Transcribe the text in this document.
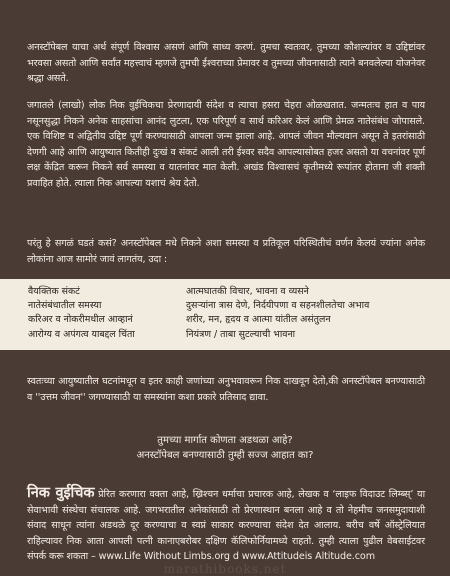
अनस्टॉपेबल याचा अर्थ संपूर्ण विश्वास असणं आणि साध्य करणं. तुमचा स्वतःवर, तुमच्या कौशल्यांवर व उद्दिष्टांवर भरवसा असतो आणि सर्वांत महत्त्वाचं म्हणजे तुमची ईश्वराच्या प्रेमावर व तुमच्या जीवनासाठी त्याने बनवलेल्या योजनेवर श्रद्धा असते.
जगातले (लाखो) लोक निक वुईचिकचा प्रेरणादायी संदेश व त्याचा हसरा चेहरा ओळखतात. जन्मतःच हात व पाय नसूनसुद्धा निकने अनेक साहसांचा आनंद लुटला, एक परिपूर्ण व सार्थ करिअर केलं आणि प्रेमळ नातेसंबंध जोपासले. एक विशिष्ट व अद्वितीय उद्दिष्ट पूर्ण करण्यासाठी आपला जन्म झाला आहे. आपलं जीवन मौल्यवान असून ते इतरांसाठी देणगी आहे आणि आयुष्यात कितीही दुःखं व संकटं आली तरी ईश्वर सदैव आपल्यासोबत हजर असतो या वचनांवर पूर्ण लक्ष केंद्रित करून निकने सर्व समस्या व यातनांवर मात केली. अखंड विश्वासचं कृतीमध्ये रूपांतर होताना जी शक्ती प्रवाहित होते. त्याला निक आपल्या यशाचं श्रेय देतो.
परंतु हे सगळं घडतं कसं? अनस्टॉपेबल मधे निकने अशा समस्या व प्रतिकूल परिस्थितीचं वर्णन केलयं ज्यांना अनेक लोकांना आज सामोरं जावं लागतंय, उदा :
वैयक्तिक संकटं
नातेसंबंधातील समस्या
करिअर व नोकरीमधील आव्हानं
आरोग्य व अपंगत्व याबद्दल चिंता
आत्मघातकी विचार, भावना व व्यसने
दुसऱ्यांना त्रास देणे, निर्दयीपणा व सहनशीलतेचा अभाव
शरीर, मन, हृदय व आत्मा यांतील असंतुलन
नियंत्रण / ताबा सुटल्याची भावना
स्वतःच्या आयुष्यातील घटनांमधून व इतर काही जणांच्या अनुभवावरून निक दाखवून देतो,की अनस्टॉपेबल बनण्यासाठी व ''उत्तम जीवन'' जगण्यासाठी या समस्यांना कशा प्रकारे प्रतिसाद द्यावा.
तुमच्या मार्गात कोणता अडथळा आहे?
अनस्टॉपेबल बनण्यासाठी तुम्ही सज्ज आहात का?
निक वुईचिक प्रेरित करणारा वक्ता आहे, ख्रिश्चन धर्माचा प्रचारक आहे, लेखक व ‘लाइफ विदाउट लिम्ब्स्’ या सेवाभावी संस्थेचा संचालक आहे. जगभरातील अनेकांसाठी तो प्रेरणास्थान बनला आहे व तो नेहमीच जनसमुदायाशी संवाद साधून त्यांना अडथळे दूर करण्याचा व स्वप्नं साकार करण्याचा संदेश देत आलाय. बरीच वर्षे ऑस्ट्रेलियात राहिल्यावर निक आता आपली पत्नी कानाएबरोबर दक्षिण कॅलिफोर्नियामध्ये राहतो. तुम्ही त्याला पुढील वेबसाईटवर संपर्क करू शकता – www.Life Without Limbs.org d www.Attitudeis Altitude.com
marathibooks.net
